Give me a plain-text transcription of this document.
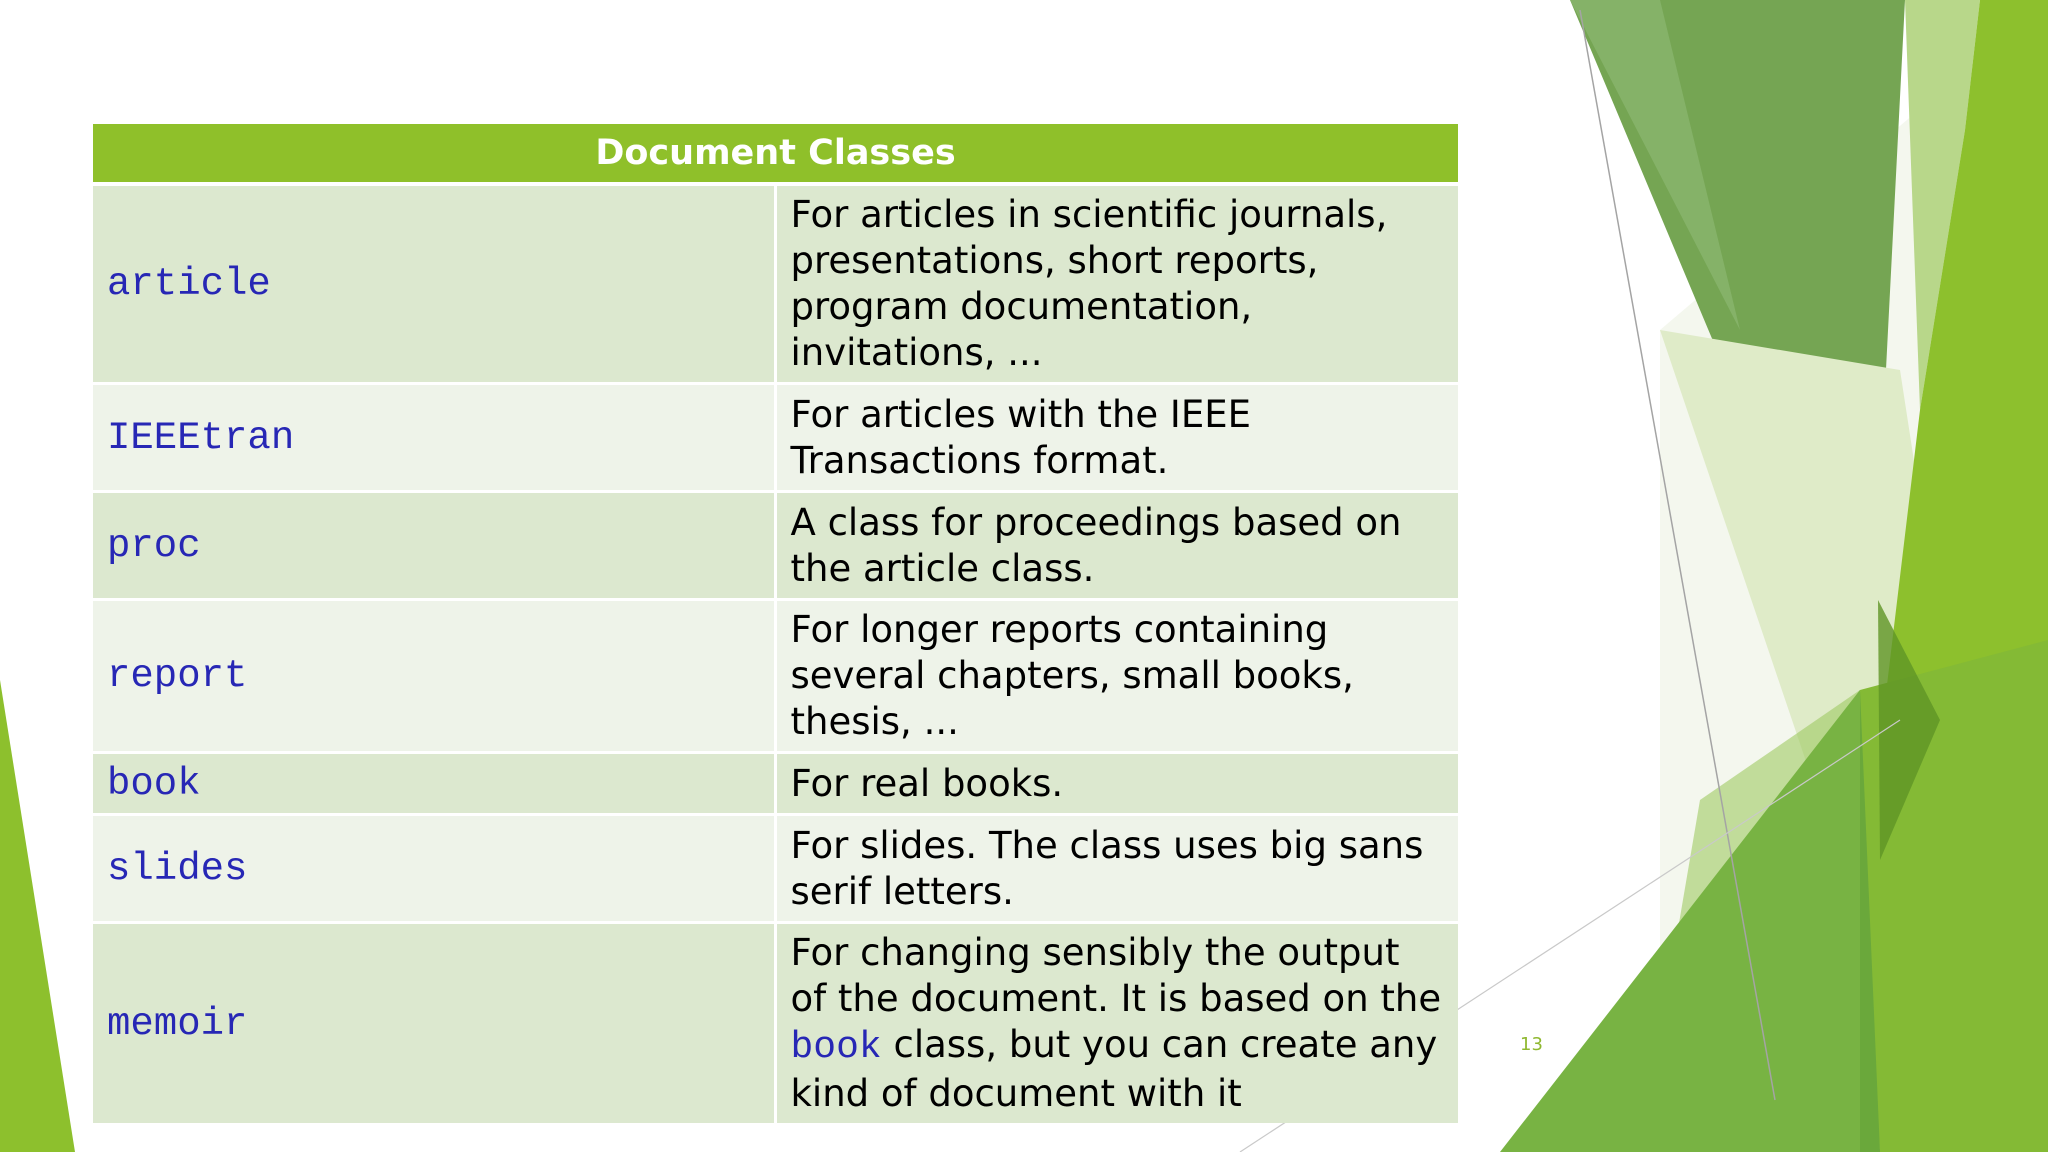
Document Classes	
article	For articles in scientific journals, presentations, short reports, program documentation, invitations, ...
IEEEtran	For articles with the IEEE Transactions format.
proc	A class for proceedings based on the article class.
report	For longer reports containing several chapters, small books, thesis, ...
book	For real books.
slides	For slides. The class uses big sans serif letters.
memoir	For changing sensibly the output of the document. It is based on the book class, but you can create any kind of document with it
13
